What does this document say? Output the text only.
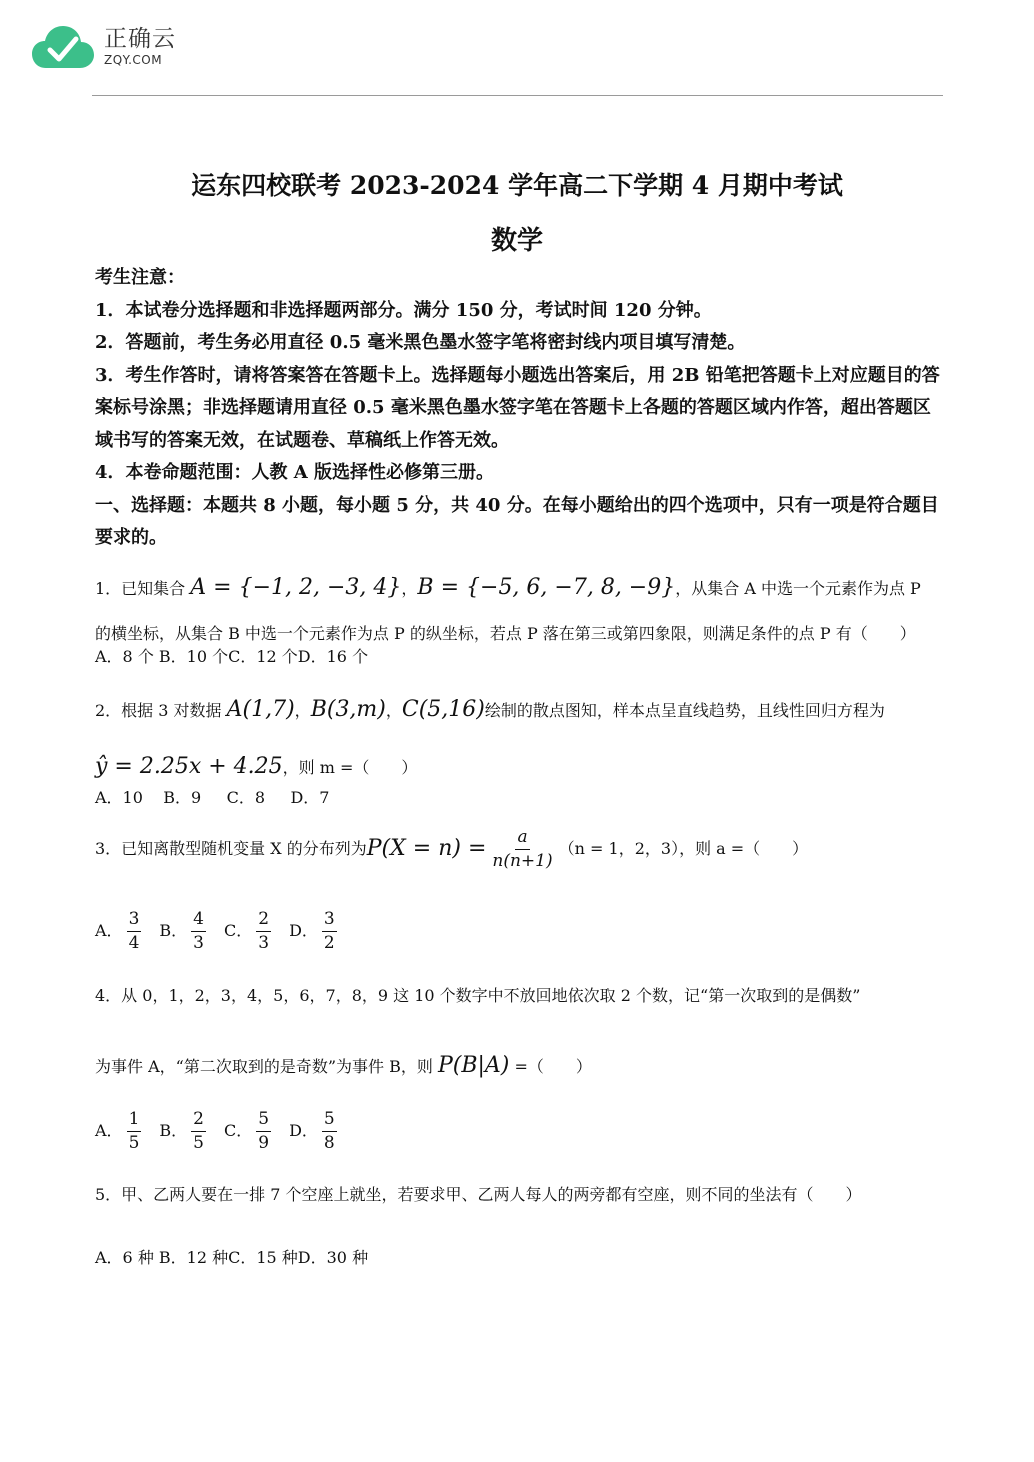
正确云
ZQY.COM
运东四校联考 2023-2024 学年高二下学期 4 月期中考试
数学

考生注意：

1．本试卷分选择题和非选择题两部分。满分 150 分，考试时间 120 分钟。

2．答题前，考生务必用直径 0.5 毫米黑色墨水签字笔将密封线内项目填写清楚。

3．考生作答时，请将答案答在答题卡上。选择题每小题选出答案后，用 2B 铅笔把答题卡上对应题目的答案标号涂黑；非选择题请用直径 0.5 毫米黑色墨水签字笔在答题卡上各题的答题区域内作答，超出答题区域书写的答案无效，在试题卷、草稿纸上作答无效。

4．本卷命题范围：人教 A 版选择性必修第三册。

一、选择题：本题共 8 小题，每小题 5 分，共 40 分。在每小题给出的四个选项中，只有一项是符合题目要求的。

1．已知集合 A = {−1, 2, −3, 4}，B = {−5, 6, −7, 8, −9}，从集合 A 中选一个元素作为点 P 的横坐标，从集合 B 中选一个元素作为点 P 的纵坐标，若点 P 落在第三或第四象限，则满足条件的点 P 有（　　）

A．8 个 B．10 个C．12 个D．16 个

2．根据 3 对数据 A(1,7)，B(3,m)，C(5,16)绘制的散点图知，样本点呈直线趋势，且线性回归方程为
ŷ = 2.25x + 4.25，则 m =（　　）

A．10    B．9     C．8     D．7
3．已知离散型随机变量 X 的分布列为 $P(X = n) = \frac{a}{n(n+1)} (n = 1$，2，3），则 a =（　　）
A． $\frac{3}{4}$ B． $\frac{4}{3}$ C． $\frac{2}{3}$ D． $\frac{3}{2}$

4．从 0，1，2，3，4，5，6，7，8，9 这 10 个数字中不放回地依次取 2 个数，记“第一次取到的是偶数”

为事件 A，“第二次取到的是奇数”为事件 B，则 P(B|A) =（　　）
A． $\frac{1}{5}$ B． $\frac{2}{5}$ C． $\frac{5}{9}$ D． $\frac{5}{8}$

5．甲、乙两人要在一排 7 个空座上就坐，若要求甲、乙两人每人的两旁都有空座，则不同的坐法有（　　）

A．6 种 B．12 种C．15 种D．30 种
